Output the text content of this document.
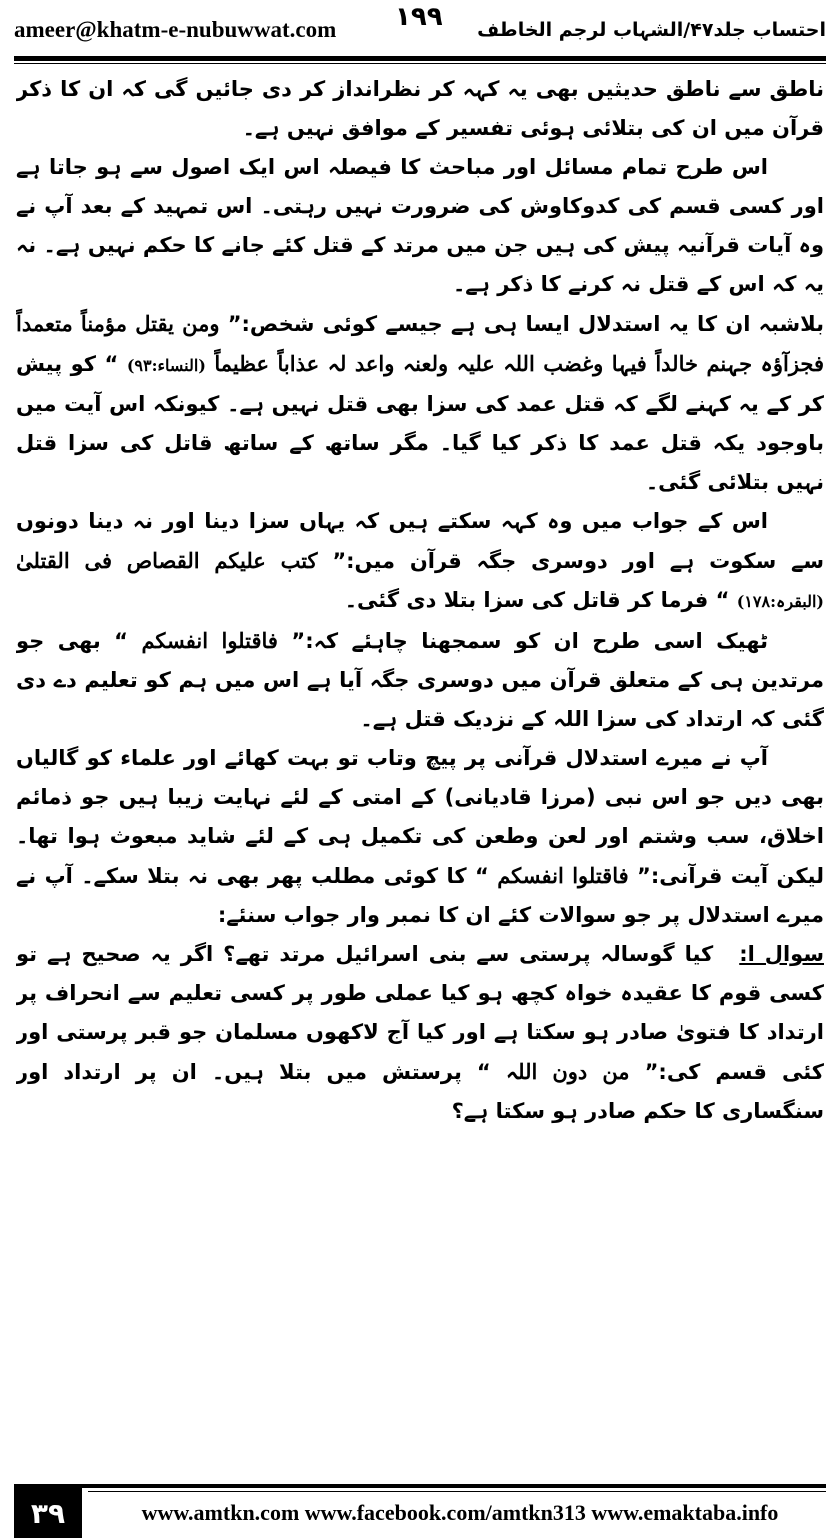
ameer@khatm-e-nubuwwat.com	احتساب جلد۴۷/الشہاب لرجم الخاطف
۱۹۹

ناطق سے ناطق حدیثیں بھی یہ کہہ کر نظرانداز کر دی جائیں گی کہ ان کا ذکر قرآن میں ان کی بتلائی ہوئی تفسیر کے موافق نہیں ہے۔

اس طرح تمام مسائل اور مباحث کا فیصلہ اس ایک اصول سے ہو جاتا ہے اور کسی قسم کی کدوکاوش کی ضرورت نہیں رہتی۔ اس تمہید کے بعد آپ نے وہ آیات قرآنیہ پیش کی ہیں جن میں مرتد کے قتل کئے جانے کا حکم نہیں ہے۔ نہ یہ کہ اس کے قتل نہ کرنے کا ذکر ہے۔

بلاشبہ ان کا یہ استدلال ایسا ہی ہے جیسے کوئی شخص:” ومن یقتل مؤمناً متعمداً فجزآؤہ جہنم خالداً فیہا وغضب اللہ علیہ ولعنہ واعد لہ عذاباً عظیماً (النساء:۹۳) “ کو پیش کر کے یہ کہنے لگے کہ قتل عمد کی سزا بھی قتل نہیں ہے۔ کیونکہ اس آیت میں باوجود یکہ قتل عمد کا ذکر کیا گیا۔ مگر ساتھ کے ساتھ قاتل کی سزا قتل نہیں بتلائی گئی۔

اس کے جواب میں وہ کہہ سکتے ہیں کہ یہاں سزا دینا اور نہ دینا دونوں سے سکوت ہے اور دوسری جگہ قرآن میں:” کتب علیکم القصاص فی القتلیٰ (البقرہ:۱۷۸) “ فرما کر قاتل کی سزا بتلا دی گئی۔

ٹھیک اسی طرح ان کو سمجھنا چاہئے کہ:” فاقتلوا انفسکم “ بھی جو مرتدین ہی کے متعلق قرآن میں دوسری جگہ آیا ہے اس میں ہم کو تعلیم دے دی گئی کہ ارتداد کی سزا اللہ کے نزدیک قتل ہے۔

آپ نے میرے استدلال قرآنی پر پیچ وتاب تو بہت کھائے اور علماء کو گالیاں بھی دیں جو اس نبی (مرزا قادیانی) کے امتی کے لئے نہایت زیبا ہیں جو ذمائم اخلاق، سب وشتم اور لعن وطعن کی تکمیل ہی کے لئے شاید مبعوث ہوا تھا۔ لیکن آیت قرآنی:” فاقتلوا انفسکم “ کا کوئی مطلب پھر بھی نہ بتلا سکے۔ آپ نے میرے استدلال پر جو سوالات کئے ان کا نمبر وار جواب سنئے:

سوال ا: کیا گوسالہ پرستی سے بنی اسرائیل مرتد تھے؟ اگر یہ صحیح ہے تو کسی قوم کا عقیدہ خواہ کچھ ہو کیا عملی طور پر کسی تعلیم سے انحراف پر ارتداد کا فتویٰ صادر ہو سکتا ہے اور کیا آج لاکھوں مسلمان جو قبر پرستی اور کئی قسم کی:” من دون اللہ “ پرستش میں بتلا ہیں۔ ان پر ارتداد اور سنگساری کا حکم صادر ہو سکتا ہے؟

۳۹	www.amtkn.com www.facebook.com/amtkn313 www.emaktaba.info
